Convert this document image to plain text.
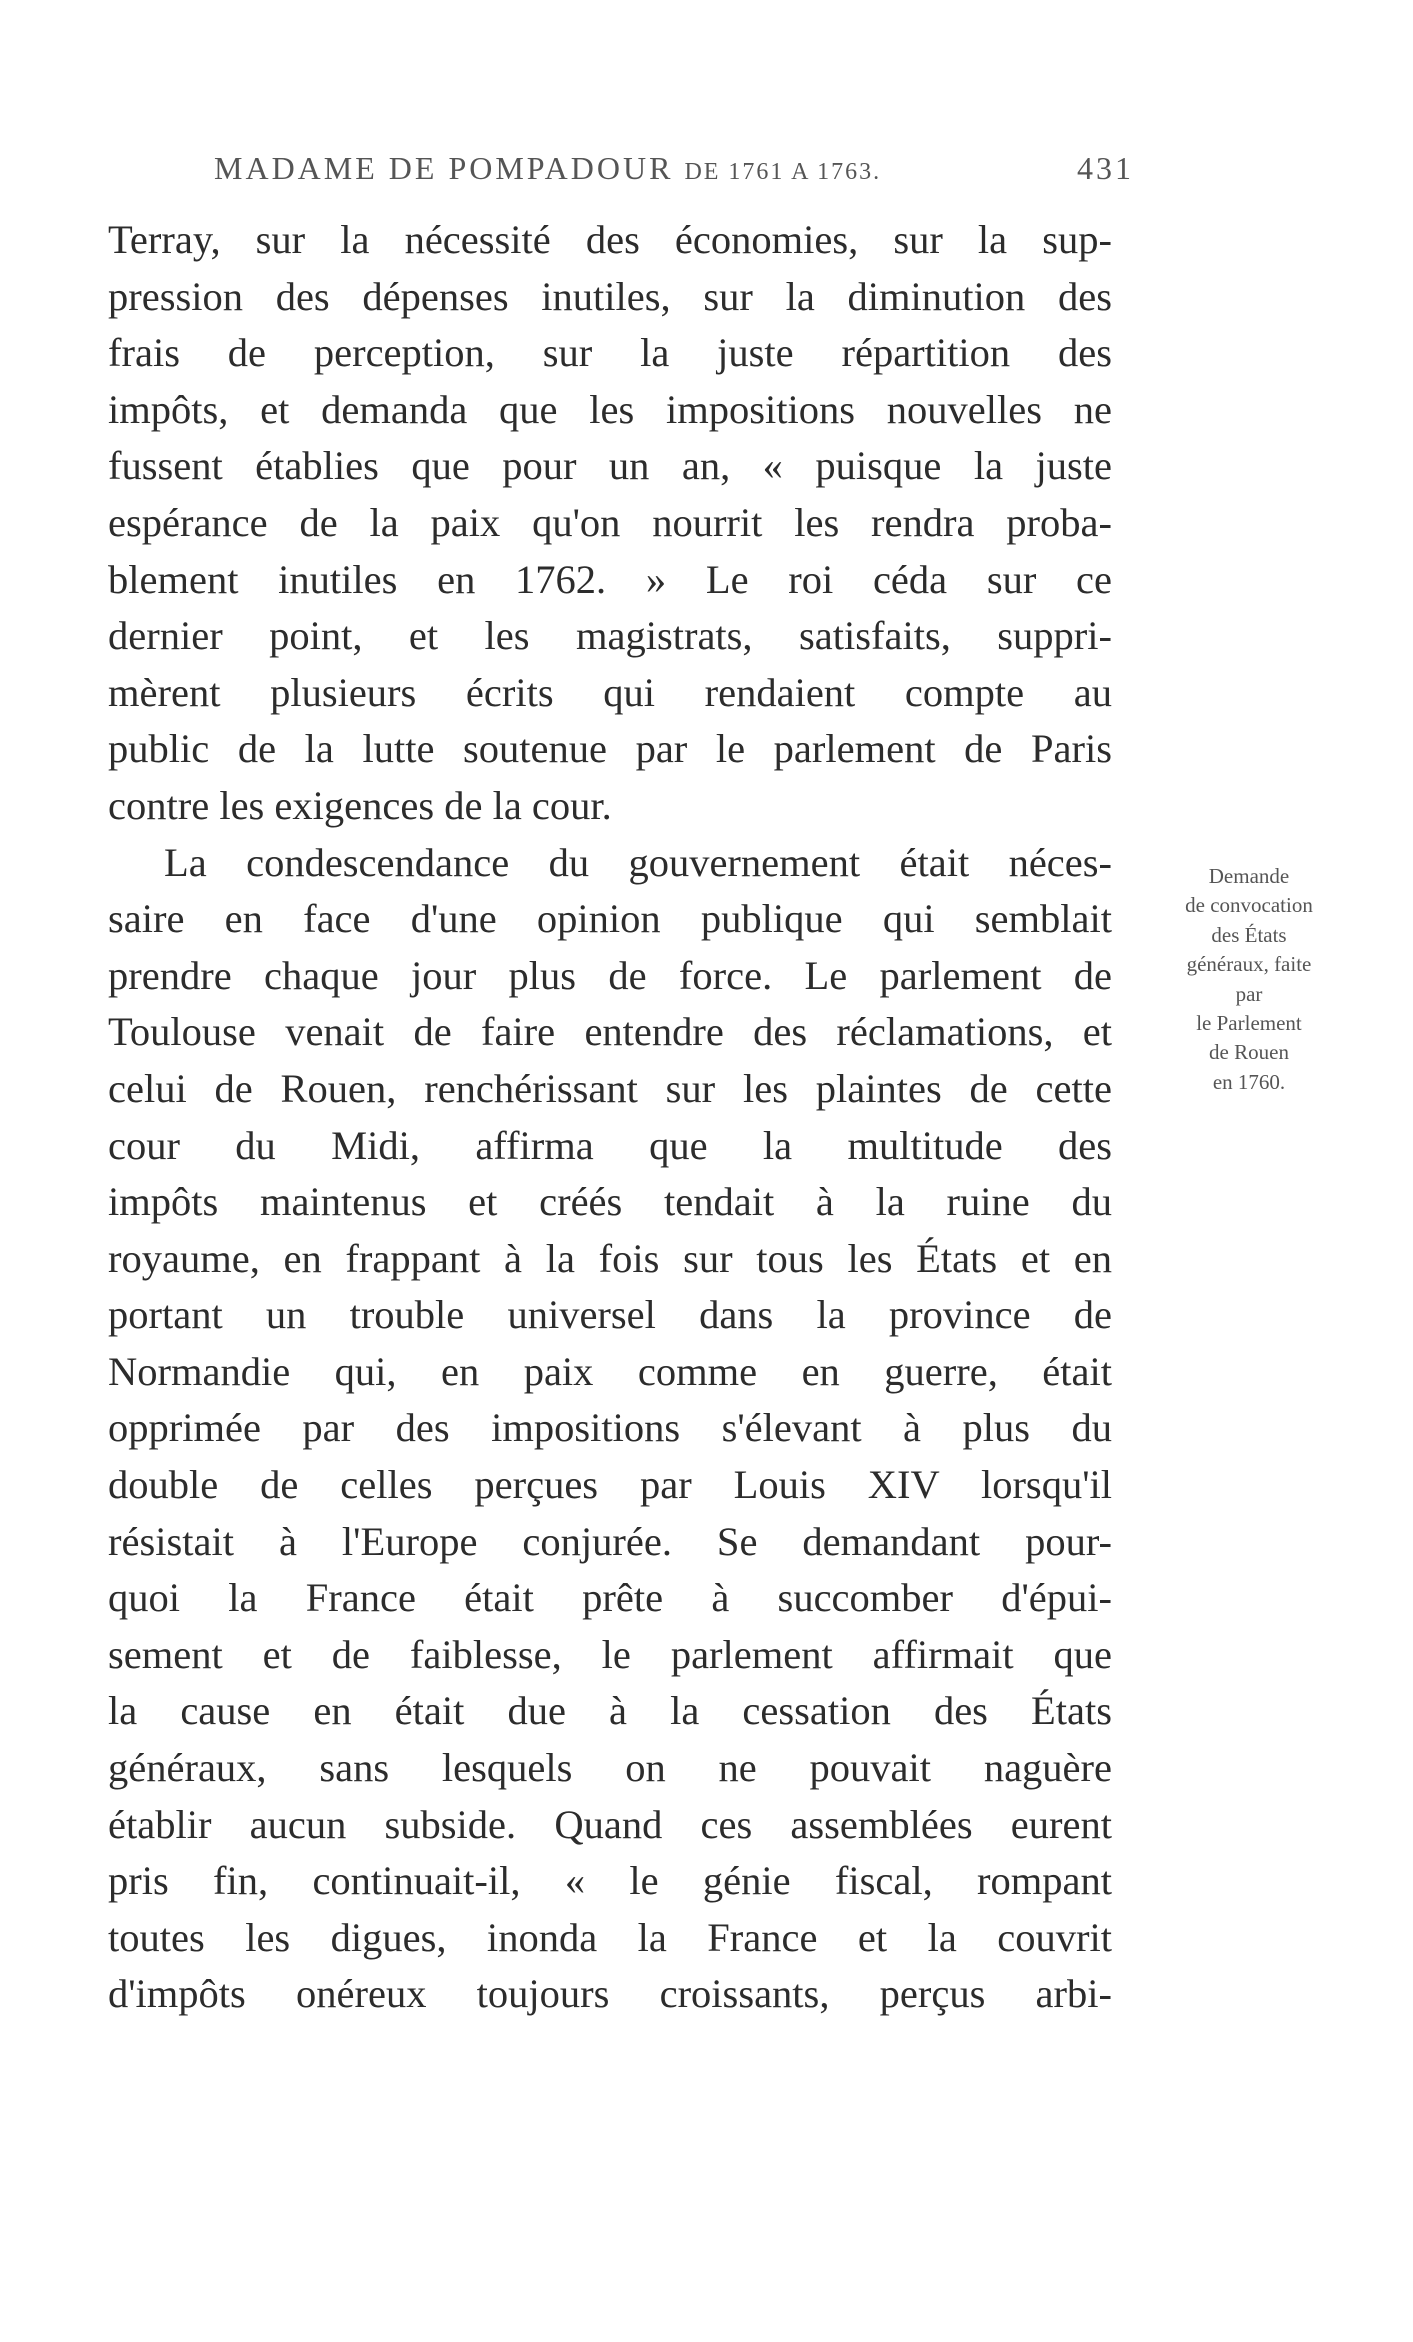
MADAME DE POMPADOUR DE 1761 A 1763.	431
Terray, sur la nécessité des économies, sur la sup-
pression des dépenses inutiles, sur la diminution des
frais de perception, sur la juste répartition des
impôts, et demanda que les impositions nouvelles ne
fussent établies que pour un an, « puisque la juste
espérance de la paix qu'on nourrit les rendra proba-
blement inutiles en 1762. » Le roi céda sur ce
dernier point, et les magistrats, satisfaits, suppri-
mèrent plusieurs écrits qui rendaient compte au
public de la lutte soutenue par le parlement de Paris
contre les exigences de la cour.
La condescendance du gouvernement était néces-
saire en face d'une opinion publique qui semblait
prendre chaque jour plus de force. Le parlement de
Toulouse venait de faire entendre des réclamations, et
celui de Rouen, renchérissant sur les plaintes de cette
cour du Midi, affirma que la multitude des
impôts maintenus et créés tendait à la ruine du
royaume, en frappant à la fois sur tous les États et en
portant un trouble universel dans la province de
Normandie qui, en paix comme en guerre, était
opprimée par des impositions s'élevant à plus du
double de celles perçues par Louis XIV lorsqu'il
résistait à l'Europe conjurée. Se demandant pour-
quoi la France était prête à succomber d'épui-
sement et de faiblesse, le parlement affirmait que
la cause en était due à la cessation des États
généraux, sans lesquels on ne pouvait naguère
établir aucun subside. Quand ces assemblées eurent
pris fin, continuait-il, « le génie fiscal, rompant
toutes les digues, inonda la France et la couvrit
d'impôts onéreux toujours croissants, perçus arbi-
Demande
de convocation
des États
généraux, faite
par
le Parlement
de Rouen
en 1760.
